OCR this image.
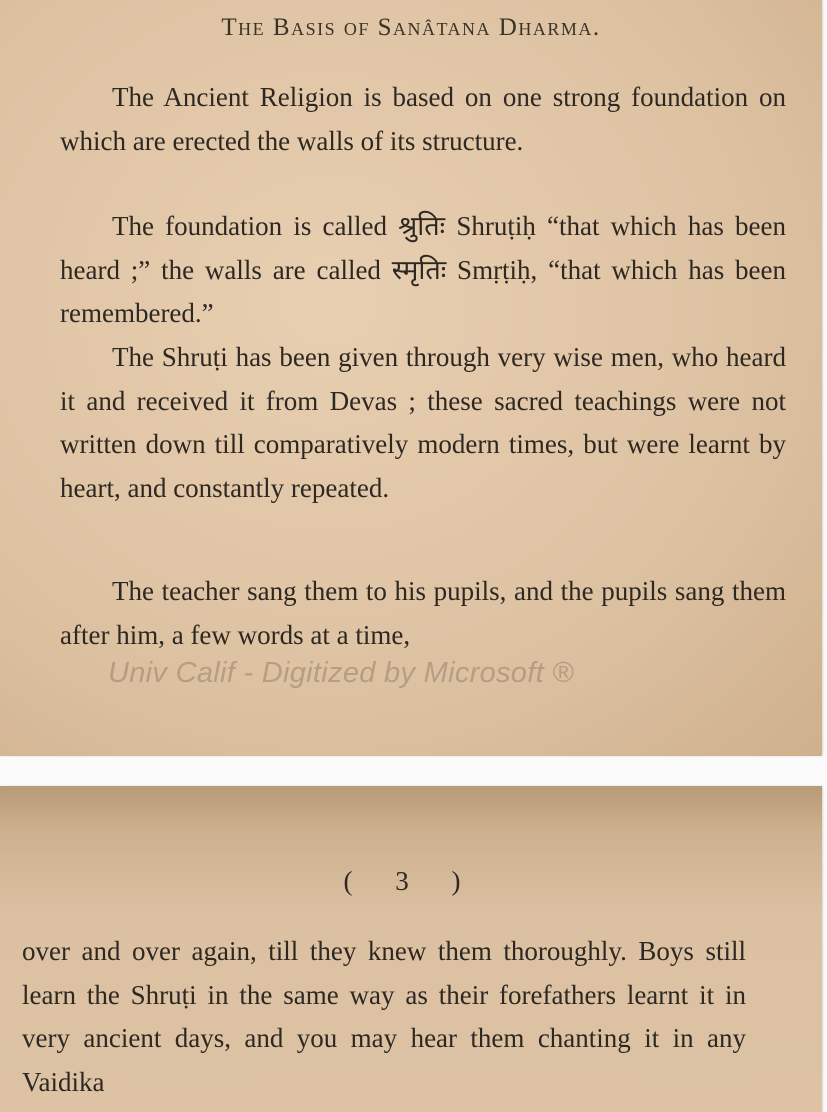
The Basis of Sanâtana Dharma.

The Ancient Religion is based on one strong foundation on which are erected the walls of its structure.

The foundation is called श्रुतिः Shruṭiḥ “that which has been heard ;” the walls are called स्मृतिः Smṛṭiḥ, “that which has been remembered.”

The Shruṭi has been given through very wise men, who heard it and received it from Devas ; these sacred teachings were not written down till comparatively modern times, but were learnt by heart, and constantly repeated.

The teacher sang them to his pupils, and the pupils sang them after him, a few words at a time,

Univ Calif - Digitized by Microsoft ®
( 3 )

over and over again, till they knew them thoroughly. Boys still learn the Shruṭi in the same way as their forefathers learnt it in very ancient days, and you may hear them chanting it in any Vaidika
